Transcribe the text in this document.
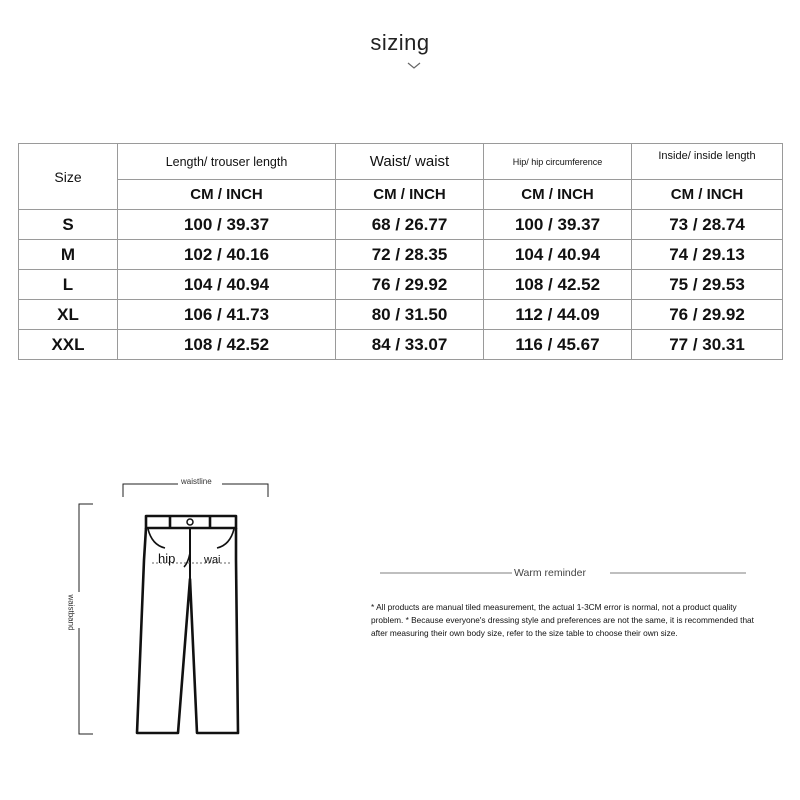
sizing
Size	Length/ trouser length	Waist/ waist	Hip/ hip circumference	Inside/ inside length
	CM / INCH	CM / INCH	CM / INCH	CM / INCH
S	100 / 39.37	68 / 26.77	100 / 39.37	73 / 28.74
M	102 / 40.16	72 / 28.35	104 / 40.94	74 / 29.13
L	104 / 40.94	76 / 29.92	108 / 42.52	75 / 29.53
XL	106 / 41.73	80 / 31.50	112 / 44.09	76 / 29.92
XXL	108 / 42.52	84 / 33.07	116 / 45.67	77 / 30.31
waistline
waistband
hip	wai
Warm reminder
* All products are manual tiled measurement, the actual 1-3CM error is normal, not a product quality problem. * Because everyone's dressing style and preferences are not the same, it is recommended that after measuring their own body size, refer to the size table to choose their own size.
